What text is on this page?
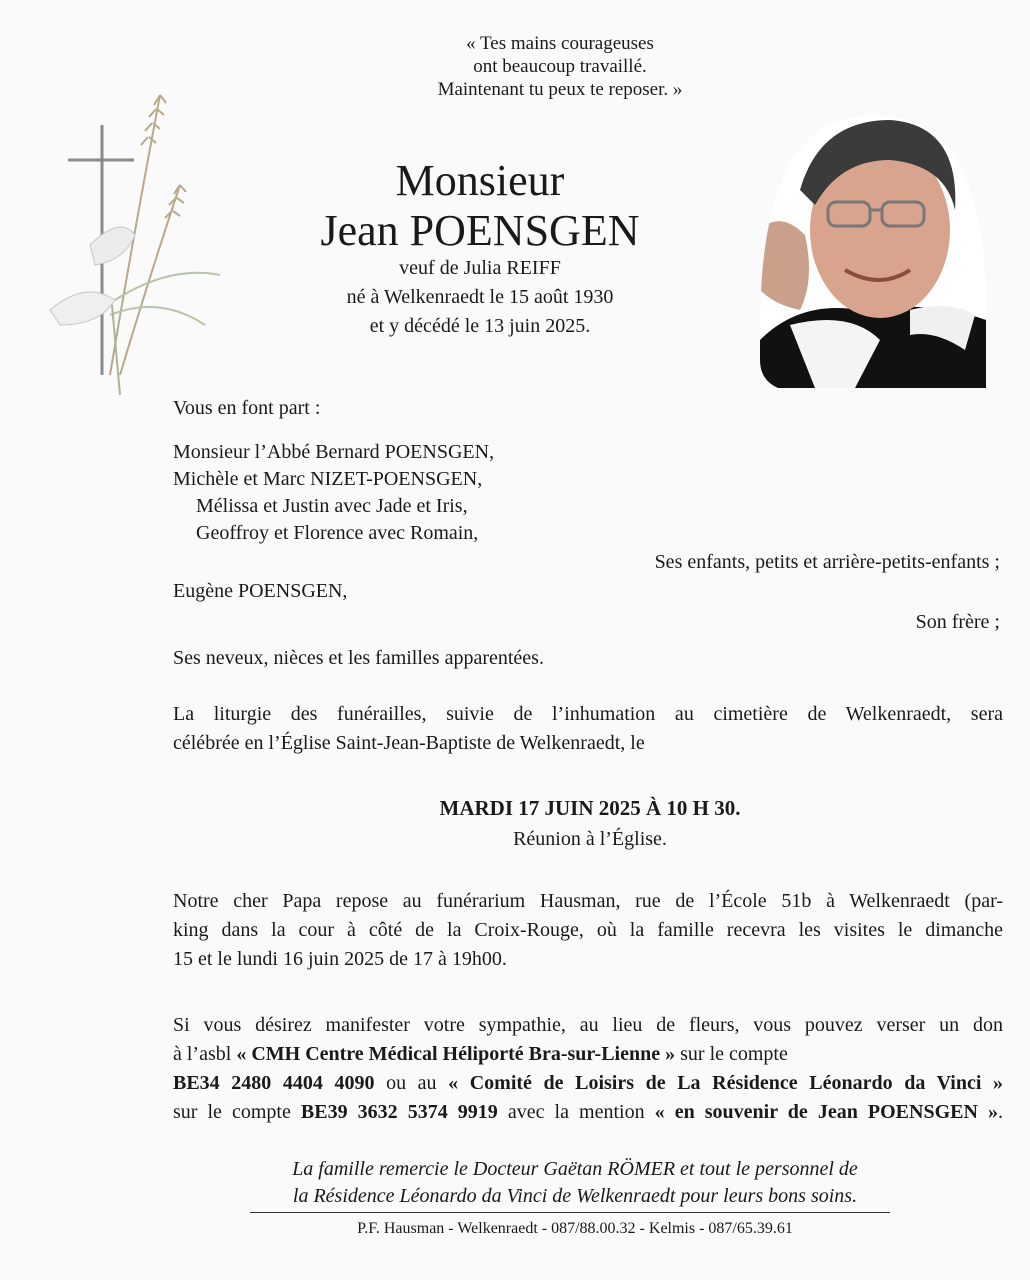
« Tes mains courageuses
ont beaucoup travaillé.
Maintenant tu peux te reposer. »
Monsieur
Jean POENSGEN
veuf de Julia REIFF
né à Welkenraedt le 15 août 1930
et y décédé le 13 juin 2025.
Vous en font part :
Monsieur l’Abbé Bernard POENSGEN,
Michèle et Marc NIZET-POENSGEN,
Mélissa et Justin avec Jade et Iris,
Geoffroy et Florence avec Romain,
Ses enfants, petits et arrière-petits-enfants ;
Eugène POENSGEN,
Son frère ;
Ses neveux, nièces et les familles apparentées.
La liturgie des funérailles, suivie de l’inhumation au cimetière de Welkenraedt, sera
célébrée en l’Église Saint-Jean-Baptiste de Welkenraedt, le
MARDI 17 JUIN 2025 À 10 H 30.
Réunion à l’Église.
Notre cher Papa repose au funérarium Hausman, rue de l’École 51b à Welkenraedt (par-
king dans la cour à côté de la Croix-Rouge, où la famille recevra les visites le dimanche
15 et le lundi 16 juin 2025 de 17 à 19h00.
Si vous désirez manifester votre sympathie, au lieu de fleurs, vous pouvez verser un don
à l’asbl « CMH Centre Médical Héliporté Bra-sur-Lienne » sur le compte
BE34 2480 4404 4090 ou au « Comité de Loisirs de La Résidence Léonardo da Vinci »
sur le compte BE39 3632 5374 9919 avec la mention « en souvenir de Jean POENSGEN ».
La famille remercie le Docteur Gaëtan RÖMER et tout le personnel de
la Résidence Léonardo da Vinci de Welkenraedt pour leurs bons soins.
P.F. Hausman - Welkenraedt - 087/88.00.32 - Kelmis - 087/65.39.61
